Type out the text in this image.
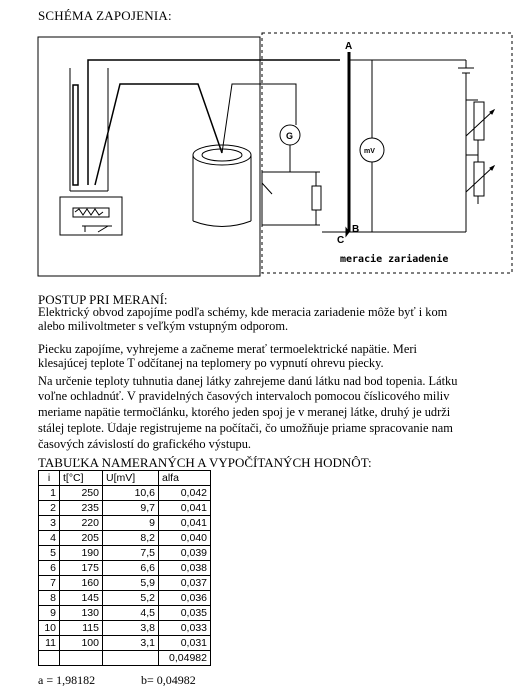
SCHÉMA ZAPOJENIA:
A
B
C
G
mV
meracie zariadenie
POSTUP PRI MERANÍ:
Elektrický obvod zapojíme podľa schémy, kde meracia zariadenie môže byť i kom
alebo milivoltmeter s veľkým vstupným odporom.
Piecku zapojíme, vyhrejeme a začneme merať termoelektrické napätie. Meri
klesajúcej teplote T odčítanej na teplomery po vypnutí ohrevu piecky.
Na určenie teploty tuhnutia danej látky zahrejeme danú látku nad bod topenia. Látku
voľne ochladnúť. V pravidelných časových intervaloch pomocou číslicového miliv
meriame napätie termočlánku, ktorého jeden spoj je v meranej látke, druhý je udrži
stálej teplote. Údaje registrujeme na počítači, čo umožňuje priame spracovanie nam
časových závislostí do grafického výstupu.
TABUĽKA NAMERANÝCH A VYPOČÍTANÝCH HODNÔT:
i	t[°C]	U[mV]	alfa
1	250	10,6	0,042
2	235	9,7	0,041
3	220	9	0,041
4	205	8,2	0,040
5	190	7,5	0,039
6	175	6,6	0,038
7	160	5,9	0,037
8	145	5,2	0,036
9	130	4,5	0,035
10	115	3,8	0,033
11	100	3,1	0,031
			0,04982
a = 1,98182	b= 0,04982
